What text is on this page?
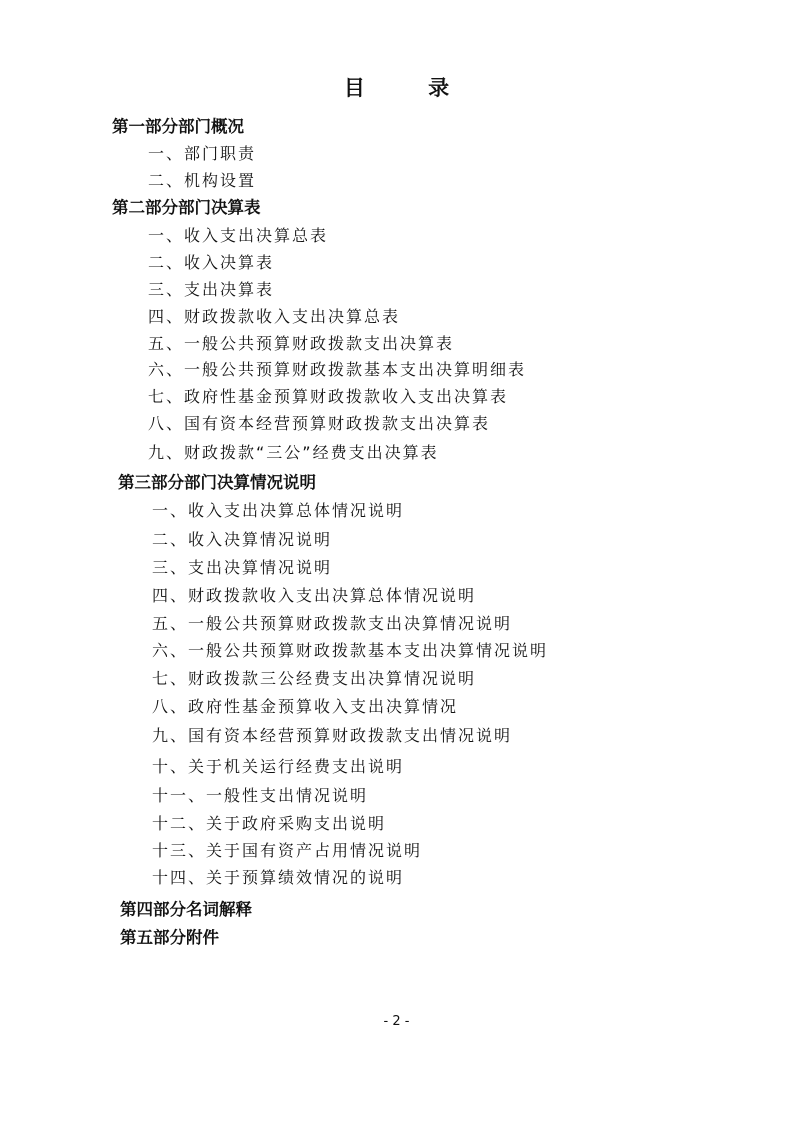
目 录
第一部分部门概况
一、部门职责
二、机构设置
第二部分部门决算表
一、收入支出决算总表
二、收入决算表
三、支出决算表
四、财政拨款收入支出决算总表
五、一般公共预算财政拨款支出决算表
六、一般公共预算财政拨款基本支出决算明细表
七、政府性基金预算财政拨款收入支出决算表
八、国有资本经营预算财政拨款支出决算表
九、财政拨款“三公”经费支出决算表
第三部分部门决算情况说明
一、收入支出决算总体情况说明
二、收入决算情况说明
三、支出决算情况说明
四、财政拨款收入支出决算总体情况说明
五、一般公共预算财政拨款支出决算情况说明
六、一般公共预算财政拨款基本支出决算情况说明
七、财政拨款三公经费支出决算情况说明
八、政府性基金预算收入支出决算情况
九、国有资本经营预算财政拨款支出情况说明
十、关于机关运行经费支出说明
十一、一般性支出情况说明
十二、关于政府采购支出说明
十三、关于国有资产占用情况说明
十四、关于预算绩效情况的说明
第四部分名词解释
第五部分附件
- 2 -
